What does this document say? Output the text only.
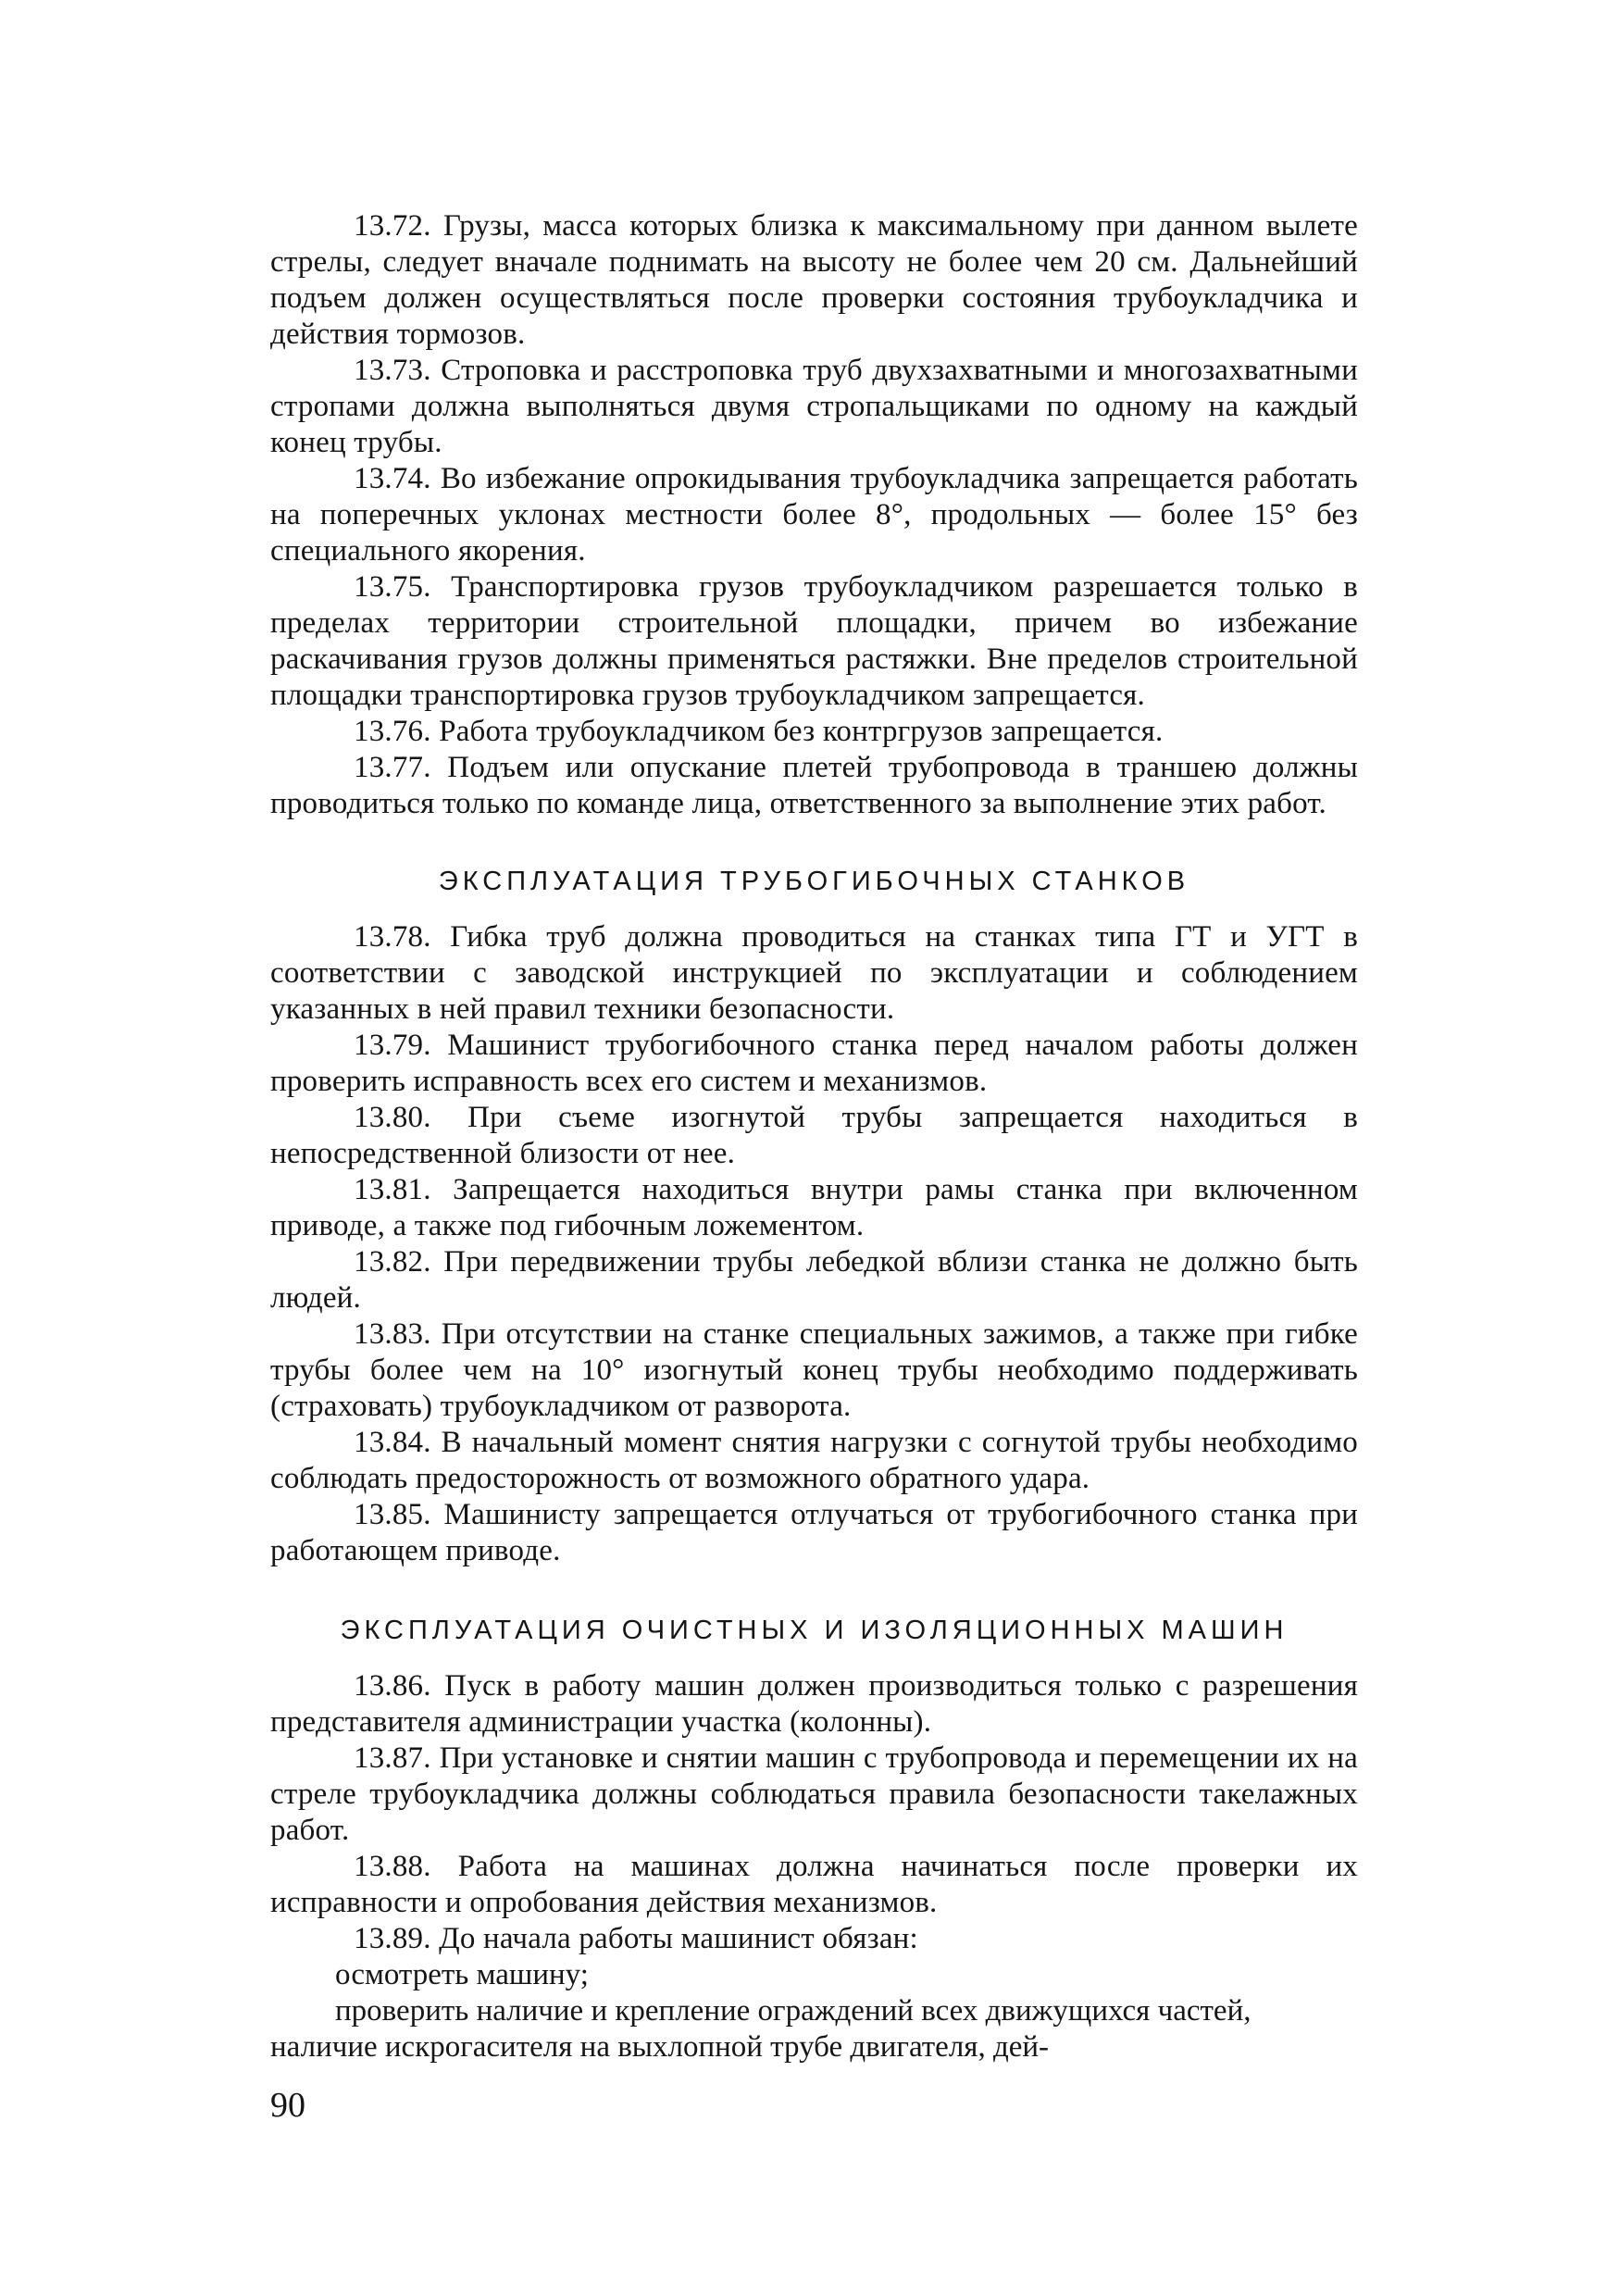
13.72. Грузы, масса которых близка к максимальному при данном вылете стрелы, следует вначале поднимать на высоту не более чем 20 см. Дальнейший подъем должен осуществляться после проверки состояния трубоукладчика и действия тормозов.

13.73. Строповка и расстроповка труб двухзахватными и многозахватными стропами должна выполняться двумя стропальщиками по одному на каждый конец трубы.

13.74. Во избежание опрокидывания трубоукладчика запрещается работать на поперечных уклонах местности более 8°, продольных — более 15° без специального якорения.

13.75. Транспортировка грузов трубоукладчиком разрешается только в пределах территории строительной площадки, причем во избежание раскачивания грузов должны применяться растяжки. Вне пределов строительной площадки транспортировка грузов трубоукладчиком запрещается.

13.76. Работа трубоукладчиком без контргрузов запрещается.

13.77. Подъем или опускание плетей трубопровода в траншею должны проводиться только по команде лица, ответственного за выполнение этих работ.

ЭКСПЛУАТАЦИЯ ТРУБОГИБОЧНЫХ СТАНКОВ

13.78. Гибка труб должна проводиться на станках типа ГТ и УГТ в соответствии с заводской инструкцией по эксплуатации и соблюдением указанных в ней правил техники безопасности.

13.79. Машинист трубогибочного станка перед началом работы должен проверить исправность всех его систем и механизмов.

13.80. При съеме изогнутой трубы запрещается находиться в непосредственной близости от нее.

13.81. Запрещается находиться внутри рамы станка при включенном приводе, а также под гибочным ложементом.

13.82. При передвижении трубы лебедкой вблизи станка не должно быть людей.

13.83. При отсутствии на станке специальных зажимов, а также при гибке трубы более чем на 10° изогнутый конец трубы необходимо поддерживать (страховать) трубоукладчиком от разворота.

13.84. В начальный момент снятия нагрузки с согнутой трубы необходимо соблюдать предосторожность от возможного обратного удара.

13.85. Машинисту запрещается отлучаться от трубогибочного станка при работающем приводе.

ЭКСПЛУАТАЦИЯ ОЧИСТНЫХ И ИЗОЛЯЦИОННЫХ МАШИН

13.86. Пуск в работу машин должен производиться только с разрешения представителя администрации участка (колонны).

13.87. При установке и снятии машин с трубопровода и перемещении их на стреле трубоукладчика должны соблюдаться правила безопасности такелажных работ.

13.88. Работа на машинах должна начинаться после проверки их исправности и опробования действия механизмов.

13.89. До начала работы машинист обязан:

осмотреть машину;

проверить наличие и крепление ограждений всех движущихся частей, наличие искрогасителя на выхлопной трубе двигателя, дей-

90
